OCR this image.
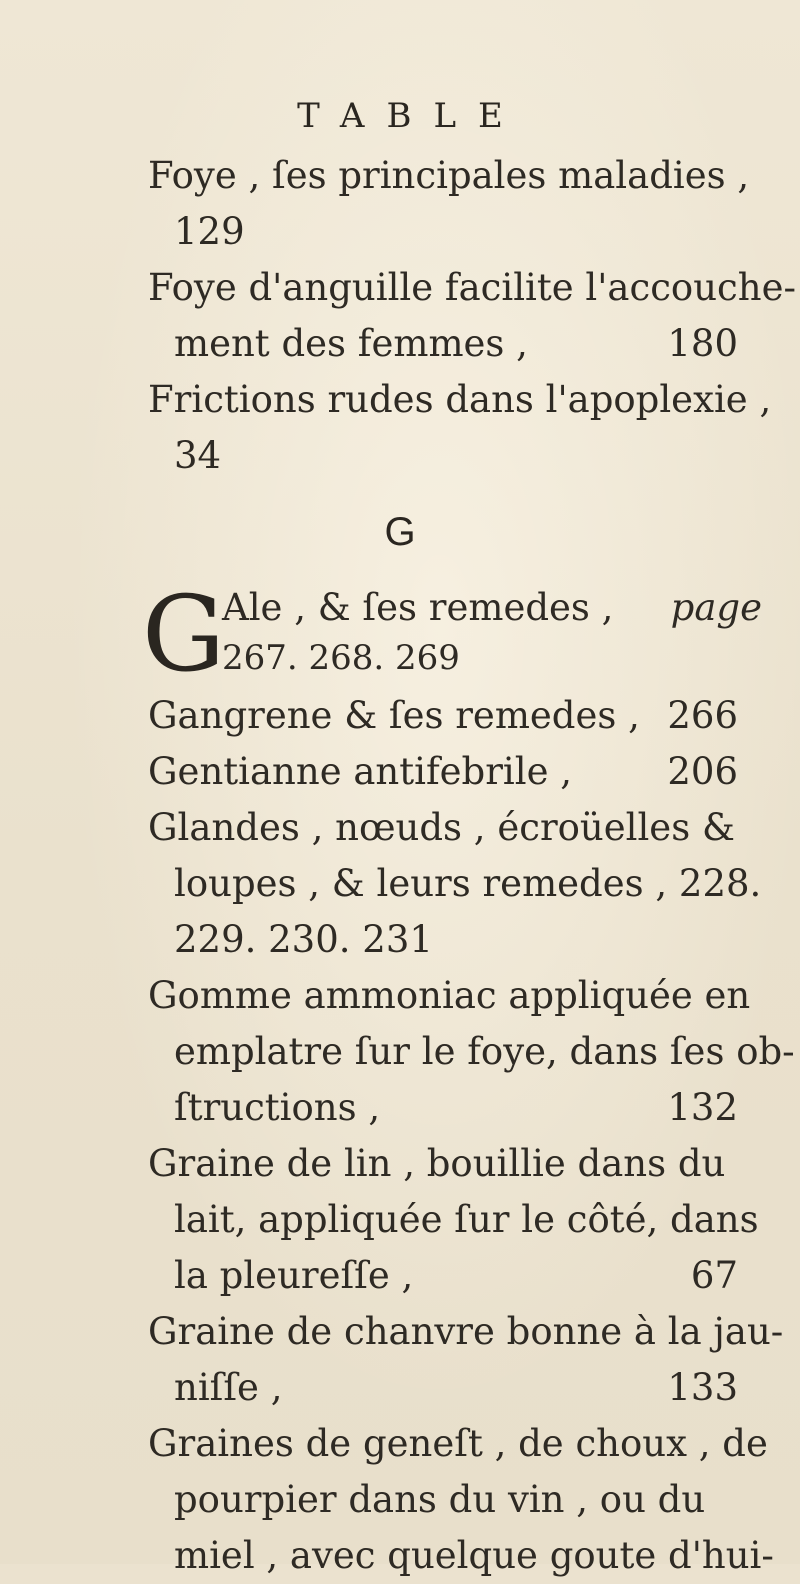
TABLE
Foye , ſes principales maladies ,
129
Foye d'anguille facilite l'accouche-
ment des femmes ,	180
Frictions rudes dans l'apoplexie ,
34
G
G
Ale , & ſes remedes , page
267. 268. 269
Gangrene & ſes remedes , 266
Gentianne antifebrile ,	206
Glandes , nœuds , écroüelles &
loupes , & leurs remedes , 228.
229. 230. 231
Gomme ammoniac appliquée en
emplatre ſur le foye, dans ſes ob-
ſtructions ,	132
Graine de lin , bouillie dans du
lait, appliquée ſur le côté, dans
la pleureſſe ,	67
Graine de chanvre bonne à la jau-
niſſe ,	133
Graines de geneſt , de choux , de
pourpier dans du vin , ou du
miel , avec quelque goute d'hui-
